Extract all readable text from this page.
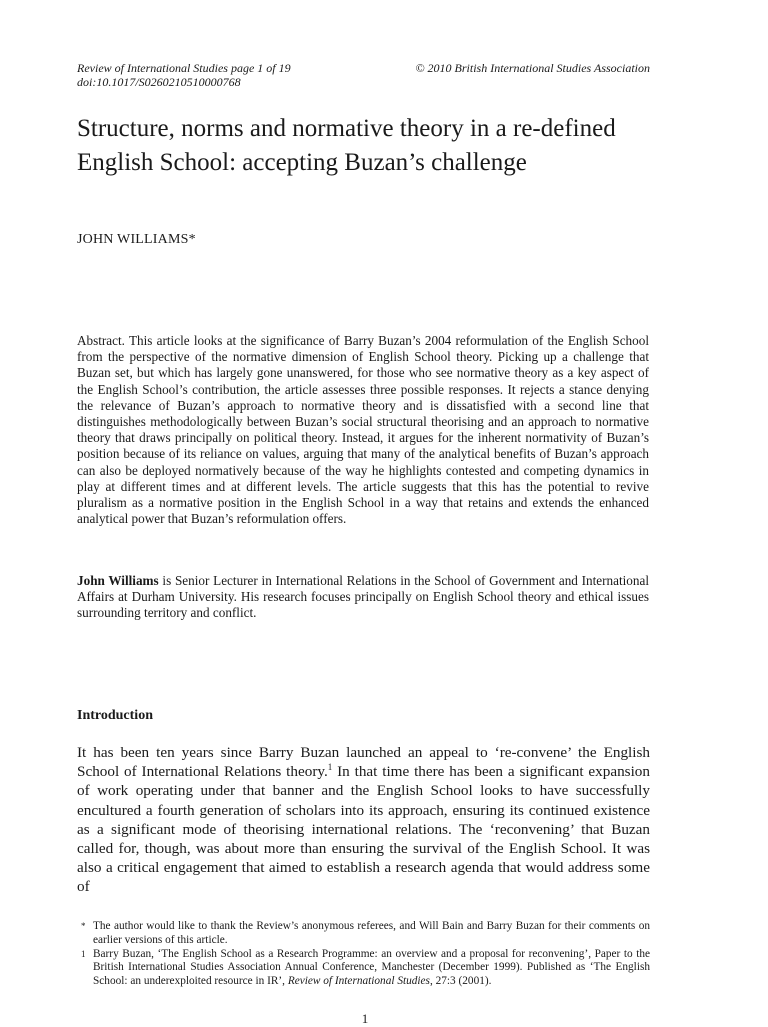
Review of International Studies page 1 of 19	© 2010 British International Studies Association
doi:10.1017/S0260210510000768
Structure, norms and normative theory in a re-defined English School: accepting Buzan’s challenge
JOHN WILLIAMS*

Abstract. This article looks at the significance of Barry Buzan’s 2004 reformulation of the English School from the perspective of the normative dimension of English School theory. Picking up a challenge that Buzan set, but which has largely gone unanswered, for those who see normative theory as a key aspect of the English School’s contribution, the article assesses three possible responses. It rejects a stance denying the relevance of Buzan’s approach to normative theory and is dissatisfied with a second line that distinguishes methodologically between Buzan’s social structural theorising and an approach to normative theory that draws principally on political theory. Instead, it argues for the inherent normativity of Buzan’s position because of its reliance on values, arguing that many of the analytical benefits of Buzan’s approach can also be deployed normatively because of the way he highlights contested and competing dynamics in play at different times and at different levels. The article suggests that this has the potential to revive pluralism as a normative position in the English School in a way that retains and extends the enhanced analytical power that Buzan’s reformulation offers.

John Williams is Senior Lecturer in International Relations in the School of Government and International Affairs at Durham University. His research focuses principally on English School theory and ethical issues surrounding territory and conflict.

Introduction

It has been ten years since Barry Buzan launched an appeal to ‘re-convene’ the English School of International Relations theory.$^1$ In that time there has been a significant expansion of work operating under that banner and the English School looks to have successfully encultured a fourth generation of scholars into its approach, ensuring its continued existence as a significant mode of theorising international relations. The ‘reconvening’ that Buzan called for, though, was about more than ensuring the survival of the English School. It was also a critical engagement that aimed to establish a research agenda that would address some of

* The author would like to thank the Review’s anonymous referees, and Will Bain and Barry Buzan for their comments on earlier versions of this article.

1 Barry Buzan, ‘The English School as a Research Programme: an overview and a proposal for reconvening’, Paper to the British International Studies Association Annual Conference, Manchester (December 1999). Published as ‘The English School: an underexploited resource in IR’, Review of International Studies, 27:3 (2001).

1
